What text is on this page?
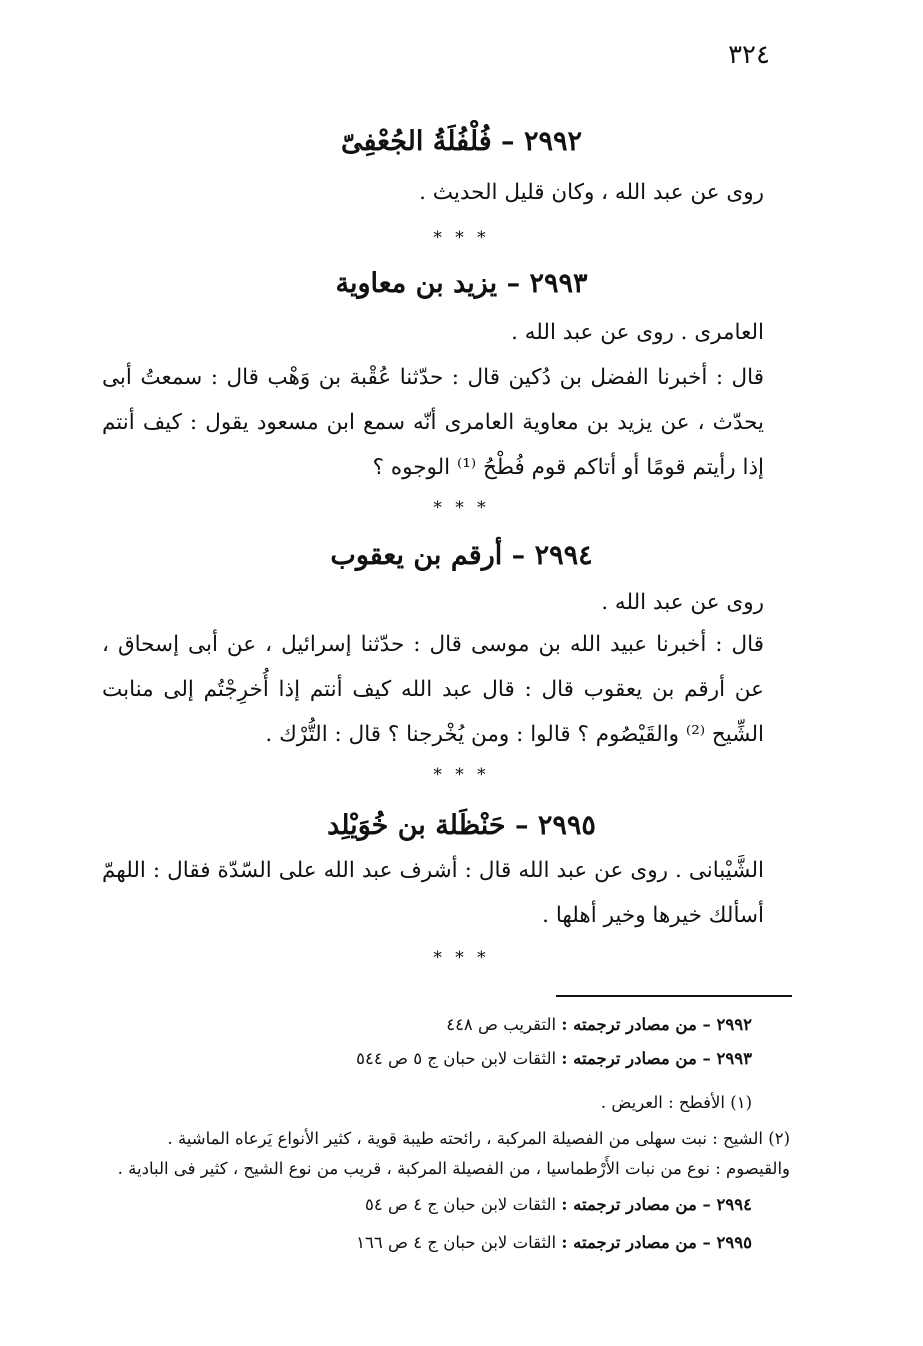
٣٢٤
٢٩٩٢ – فُلْفُلَةُ الجُعْفِىّ
روى عن عبد الله ، وكان قليل الحديث .
* * *
٢٩٩٣ – يزيد بن معاوية
العامرى . روى عن عبد الله .
قال : أخبرنا الفضل بن دُكين قال : حدّثنا عُقْبة بن وَهْب قال : سمعتُ أبى يحدّث ، عن يزيد بن معاوية العامرى أنّه سمع ابن مسعود يقول : كيف أنتم إذا رأيتم قومًا أو أتاكم قوم فُطْحُ ⁽¹⁾ الوجوه ؟
* * *
٢٩٩٤ – أرقم بن يعقوب
روى عن عبد الله .
قال : أخبرنا عبيد الله بن موسى قال : حدّثنا إسرائيل ، عن أبى إسحاق ، عن أرقم بن يعقوب قال : قال عبد الله كيف أنتم إذا أُخرِجْتُم إلى منابت الشِّيح ⁽²⁾ والقَيْصُوم ؟ قالوا : ومن يُخْرجنا ؟ قال : التُّرْك .
* * *
٢٩٩٥ – حَنْظَلة بن خُوَيْلِد
الشَّيْبانى . روى عن عبد الله قال : أشرف عبد الله على السّدّة فقال : اللهمّ أسألك خيرها وخير أهلها .
* * *
٢٩٩٢ – من مصادر ترجمته : التقريب ص ٤٤٨
٢٩٩٣ – من مصادر ترجمته : الثقات لابن حبان ج ٥ ص ٥٤٤
(١) الأفطح : العريض .
(٢) الشيح : نبت سهلى من الفصيلة المركبة ، رائحته طيبة قوية ، كثير الأنواع يَرعاه الماشية . والقيصوم : نوع من نبات الأَرْطماسيا ، من الفصيلة المركبة ، قريب من نوع الشيح ، كثير فى البادية .
٢٩٩٤ – من مصادر ترجمته : الثقات لابن حبان ج ٤ ص ٥٤
٢٩٩٥ – من مصادر ترجمته : الثقات لابن حبان ج ٤ ص ١٦٦
